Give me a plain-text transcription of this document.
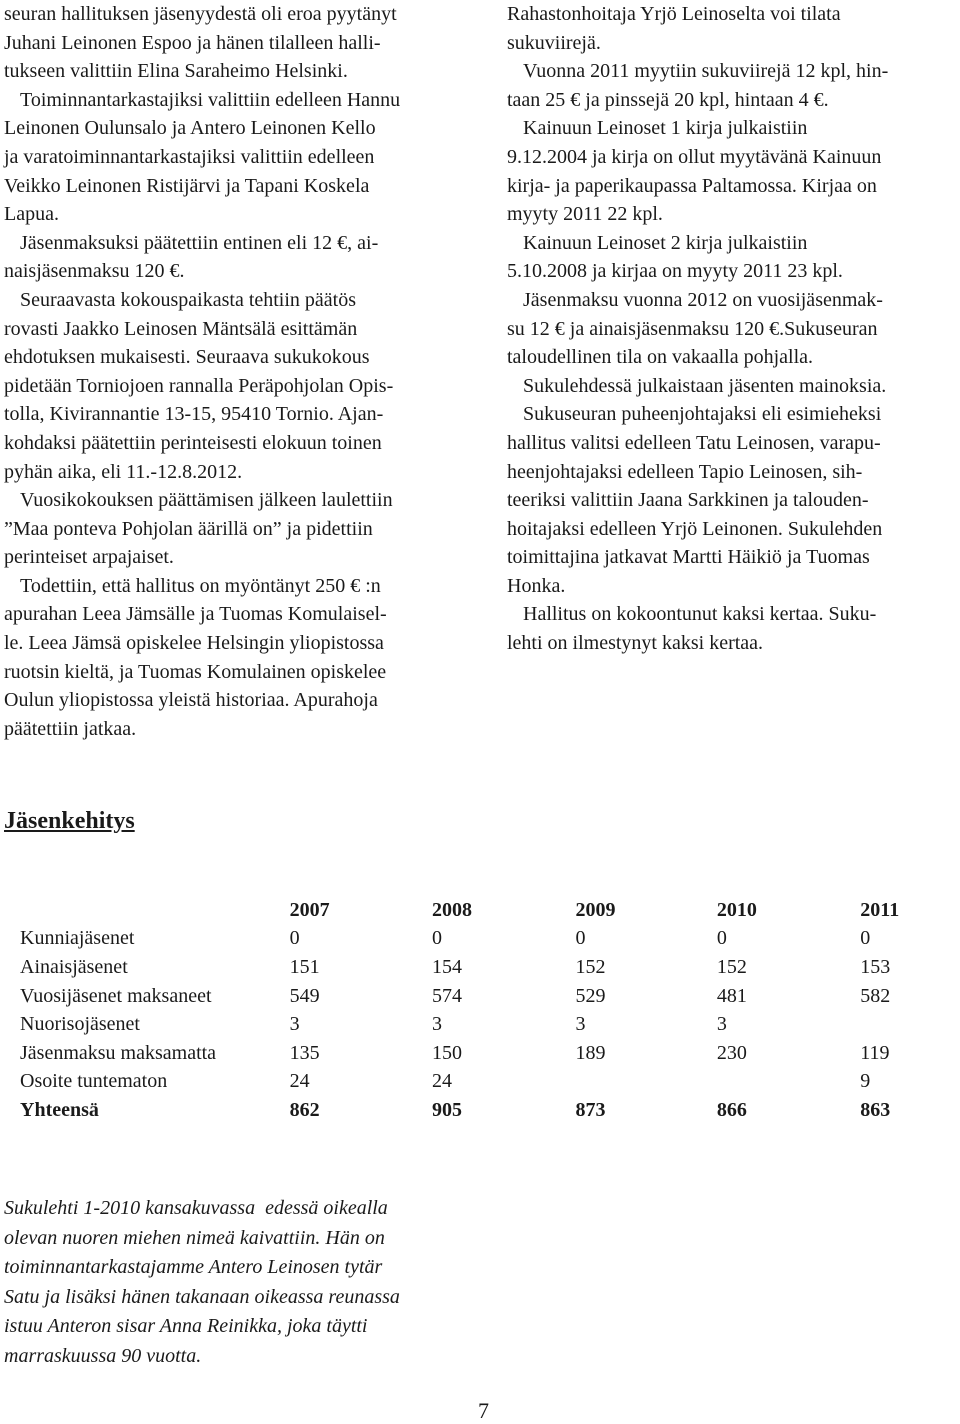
seuran hallituksen jäsenyydestä oli eroa pyytänyt
Juhani Leinonen Espoo ja hänen tilalleen halli-
tukseen valittiin Elina Saraheimo Helsinki.

Toiminnantarkastajiksi valittiin edelleen Hannu

Leinonen Oulunsalo ja Antero Leinonen Kello
ja varatoiminnantarkastajiksi valittiin edelleen
Veikko Leinonen Ristijärvi ja Tapani Koskela
Lapua.

Jäsenmaksuksi päätettiin entinen eli 12 €, ai-

naisjäsenmaksu 120 €.

Seuraavasta kokouspaikasta tehtiin päätös

rovasti Jaakko Leinosen Mäntsälä esittämän
ehdotuksen mukaisesti. Seuraava sukukokous
pidetään Torniojoen rannalla Peräpohjolan Opis-
tolla, Kivirannantie 13-15, 95410 Tornio. Ajan-
kohdaksi päätettiin perinteisesti elokuun toinen
pyhän aika, eli 11.-12.8.2012.

Vuosikokouksen päättämisen jälkeen laulettiin

”Maa ponteva Pohjolan äärillä on” ja pidettiin
perinteiset arpajaiset.

Todettiin, että hallitus on myöntänyt 250 € :n

apurahan Leea Jämsälle ja Tuomas Komulaisel-
le. Leea Jämsä opiskelee Helsingin yliopistossa
ruotsin kieltä, ja Tuomas Komulainen opiskelee
Oulun yliopistossa yleistä historiaa. Apurahoja
päätettiin jatkaa.

Rahastonhoitaja Yrjö Leinoselta voi tilata
sukuviirejä.

Vuonna 2011 myytiin sukuviirejä 12 kpl, hin-

taan 25 € ja pinssejä 20 kpl, hintaan 4 €.

Kainuun Leinoset 1 kirja julkaistiin

9.12.2004 ja kirja on ollut myytävänä Kainuun
kirja- ja paperikaupassa Paltamossa. Kirjaa on
myyty 2011 22 kpl.

Kainuun Leinoset 2 kirja julkaistiin

5.10.2008 ja kirjaa on myyty 2011 23 kpl.

Jäsenmaksu vuonna 2012 on vuosijäsenmak-

su 12 € ja ainaisjäsenmaksu 120 €.Sukuseuran
taloudellinen tila on vakaalla pohjalla.

Sukulehdessä julkaistaan jäsenten mainoksia.

Sukuseuran puheenjohtajaksi eli esimieheksi

hallitus valitsi edelleen Tatu Leinosen, varapu-
heenjohtajaksi edelleen Tapio Leinosen, sih-
teeriksi valittiin Jaana Sarkkinen ja talouden-
hoitajaksi edelleen Yrjö Leinonen. Sukulehden
toimittajina jatkavat Martti Häikiö ja Tuomas
Honka.

Hallitus on kokoontunut kaksi kertaa. Suku-

lehti on ilmestynyt kaksi kertaa.

Jäsenkehitys
	2007	2008	2009	2010	2011
Kunniajäsenet	0	0	0	0	0
Ainaisjäsenet	151	154	152	152	153
Vuosijäsenet maksaneet	549	574	529	481	582
Nuorisojäsenet	3	3	3	3	
Jäsenmaksu maksamatta	135	150	189	230	119
Osoite tuntematon	24	24			9
Yhteensä	862	905	873	866	863
Sukulehti 1-2010 kansakuvassa  edessä oikealla
olevan nuoren miehen nimeä kaivattiin. Hän on
toiminnantarkastajamme Antero Leinosen tytär
Satu ja lisäksi hänen takanaan oikeassa reunassa
istuu Anteron sisar Anna Reinikka, joka täytti
marraskuussa 90 vuotta.
7
